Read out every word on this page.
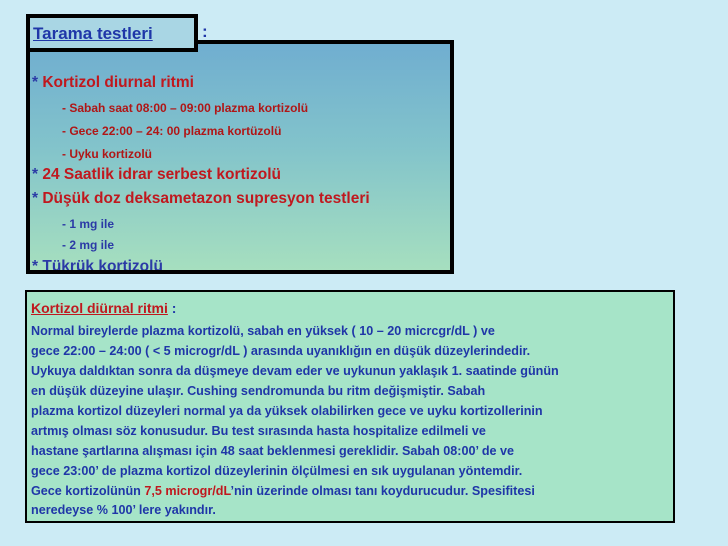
Tarama testleri	:
* Kortizol diurnal ritmi
- Sabah saat 08:00 – 09:00 plazma kortizolü
- Gece 22:00 – 24: 00 plazma kortüzolü
- Uyku kortizolü
* 24 Saatlik idrar serbest kortizolü
* Düşük doz deksametazon supresyon testleri
- 1 mg ile
- 2 mg ile
* Tükrük kortizolü
Kortizol diürnal ritmi :
Normal bireylerde plazma kortizolü, sabah en yüksek ( 10 – 20 micrcgr/dL ) ve
gece 22:00 – 24:00 ( < 5 microgr/dL ) arasında uyanıklığın en düşük düzeylerindedir.
Uykuya daldıktan sonra da düşmeye devam eder ve uykunun yaklaşık 1. saatinde günün
en düşük düzeyine ulaşır. Cushing sendromunda bu ritm değişmiştir. Sabah
plazma kortizol düzeyleri normal ya da yüksek olabilirken gece ve uyku kortizollerinin
artmış olması söz konusudur. Bu test sırasında hasta hospitalize edilmeli ve
hastane şartlarına alışması için 48 saat beklenmesi gereklidir. Sabah 08:00’ de ve
gece 23:00’ de plazma kortizol düzeylerinin ölçülmesi en sık uygulanan yöntemdir.
Gece kortizolünün 7,5 microgr/dL’nin üzerinde olması tanı koydurucudur. Spesifitesi
neredeyse % 100’ lere yakındır.
